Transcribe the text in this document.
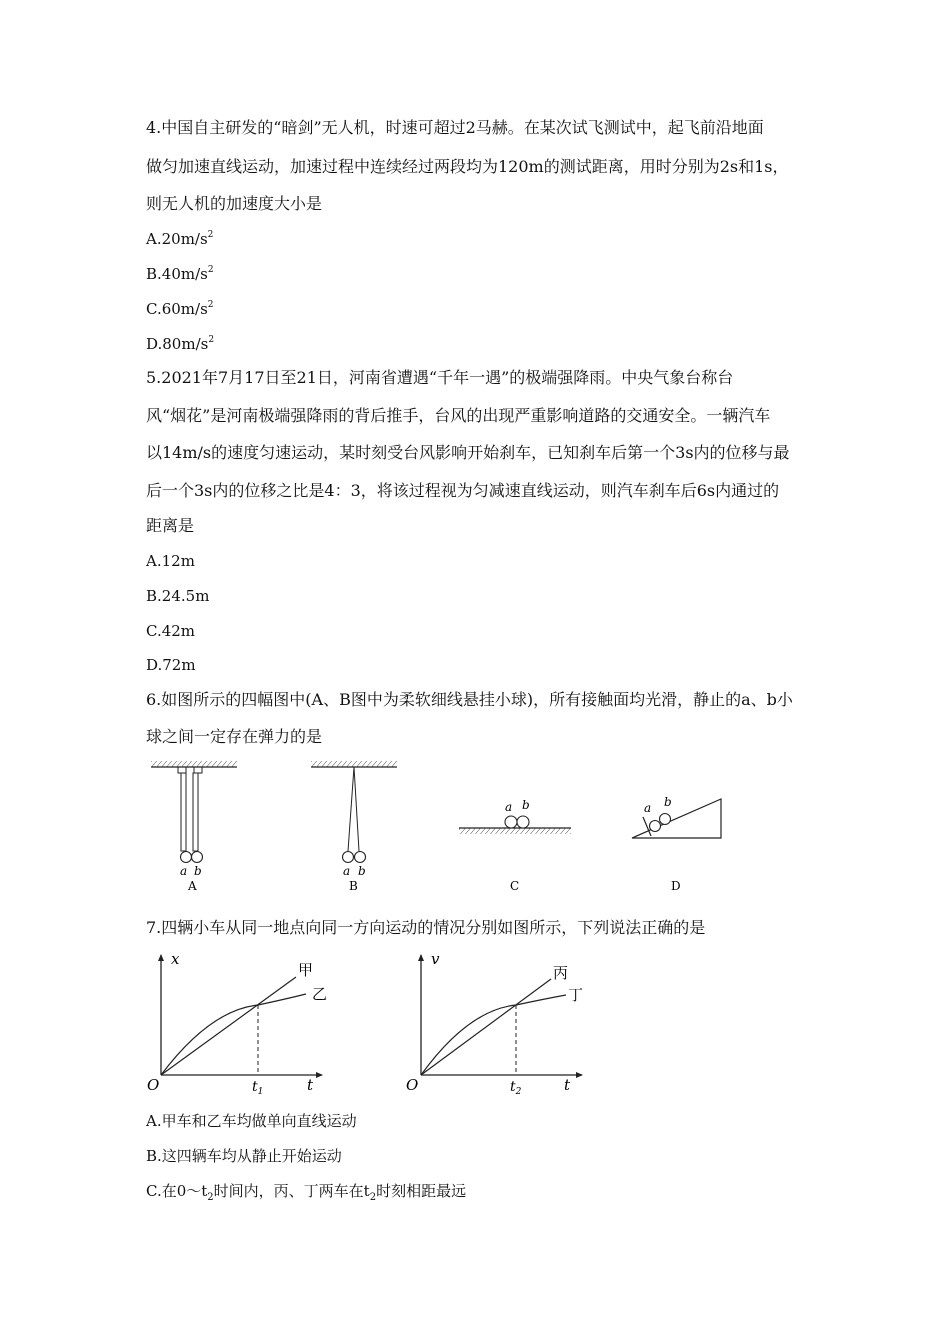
4.中国自主研发的“暗剑”无人机，时速可超过2马赫。在某次试飞测试中，起飞前沿地面
做匀加速直线运动，加速过程中连续经过两段均为120m的测试距离，用时分别为2s和1s，
则无人机的加速度大小是
$A.20m/s^2$
$B.40m/s^2$
$C.60m/s^2$
$D.80m/s^2$
5.2021年7月17日至21日，河南省遭遇“千年一遇”的极端强降雨。中央气象台称台
风“烟花”是河南极端强降雨的背后推手，台风的出现严重影响道路的交通安全。一辆汽车
以14m/s的速度匀速运动，某时刻受台风影响开始刹车，已知刹车后第一个3s内的位移与最
后一个3s内的位移之比是4：3，将该过程视为匀减速直线运动，则汽车刹车后6s内通过的
距离是
A.12m
B.24.5m
C.42m
D.72m
6.如图所示的四幅图中(A、B图中为柔软细线悬挂小球)，所有接触面均光滑，静止的a、b小
球之间一定存在弹力的是
a b
A
a b
B
a b
C
a b
D
7.四辆小车从同一地点向同一方向运动的情况分别如图所示，下列说法正确的是
x
t
O	$t_1$
甲
乙
v
t
O	$t_2$
丙
丁
A.甲车和乙车均做单向直线运动
B.这四辆车均从静止开始运动
C.在$0\sim t_2$时间内，丙、丁两车在$t_2$时刻相距最远
